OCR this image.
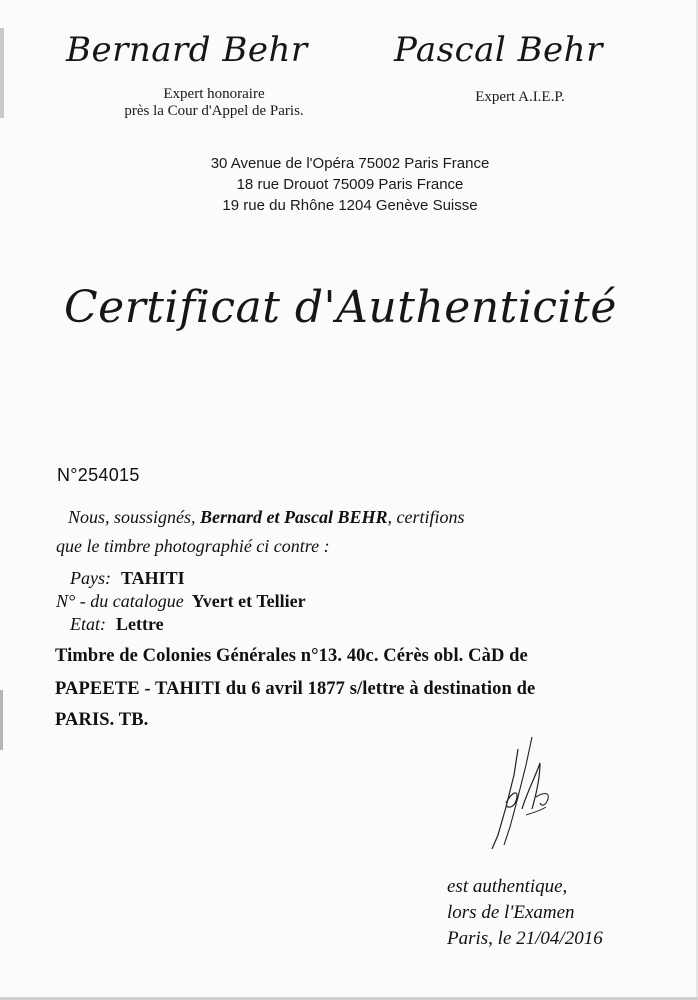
Bernard Behr
Expert honoraire
près la Cour d'Appel de Paris.
Pascal Behr
Expert A.I.E.P.
30 Avenue de l'Opéra 75002 Paris France
18 rue Drouot 75009 Paris France
19 rue du Rhône 1204 Genève Suisse
Certificat d'Authenticité
N°254015
Nous, soussignés, Bernard et Pascal BEHR, certifions
que le timbre photographié ci contre :
Pays: TAHITI
N° - du catalogue Yvert et Tellier
Etat: Lettre
Timbre de Colonies Générales n°13. 40c. Cérès obl. CàD de
PAPEETE - TAHITI du 6 avril 1877 s/lettre à destination de
PARIS. TB.
est authentique,
lors de l'Examen
Paris, le 21/04/2016
